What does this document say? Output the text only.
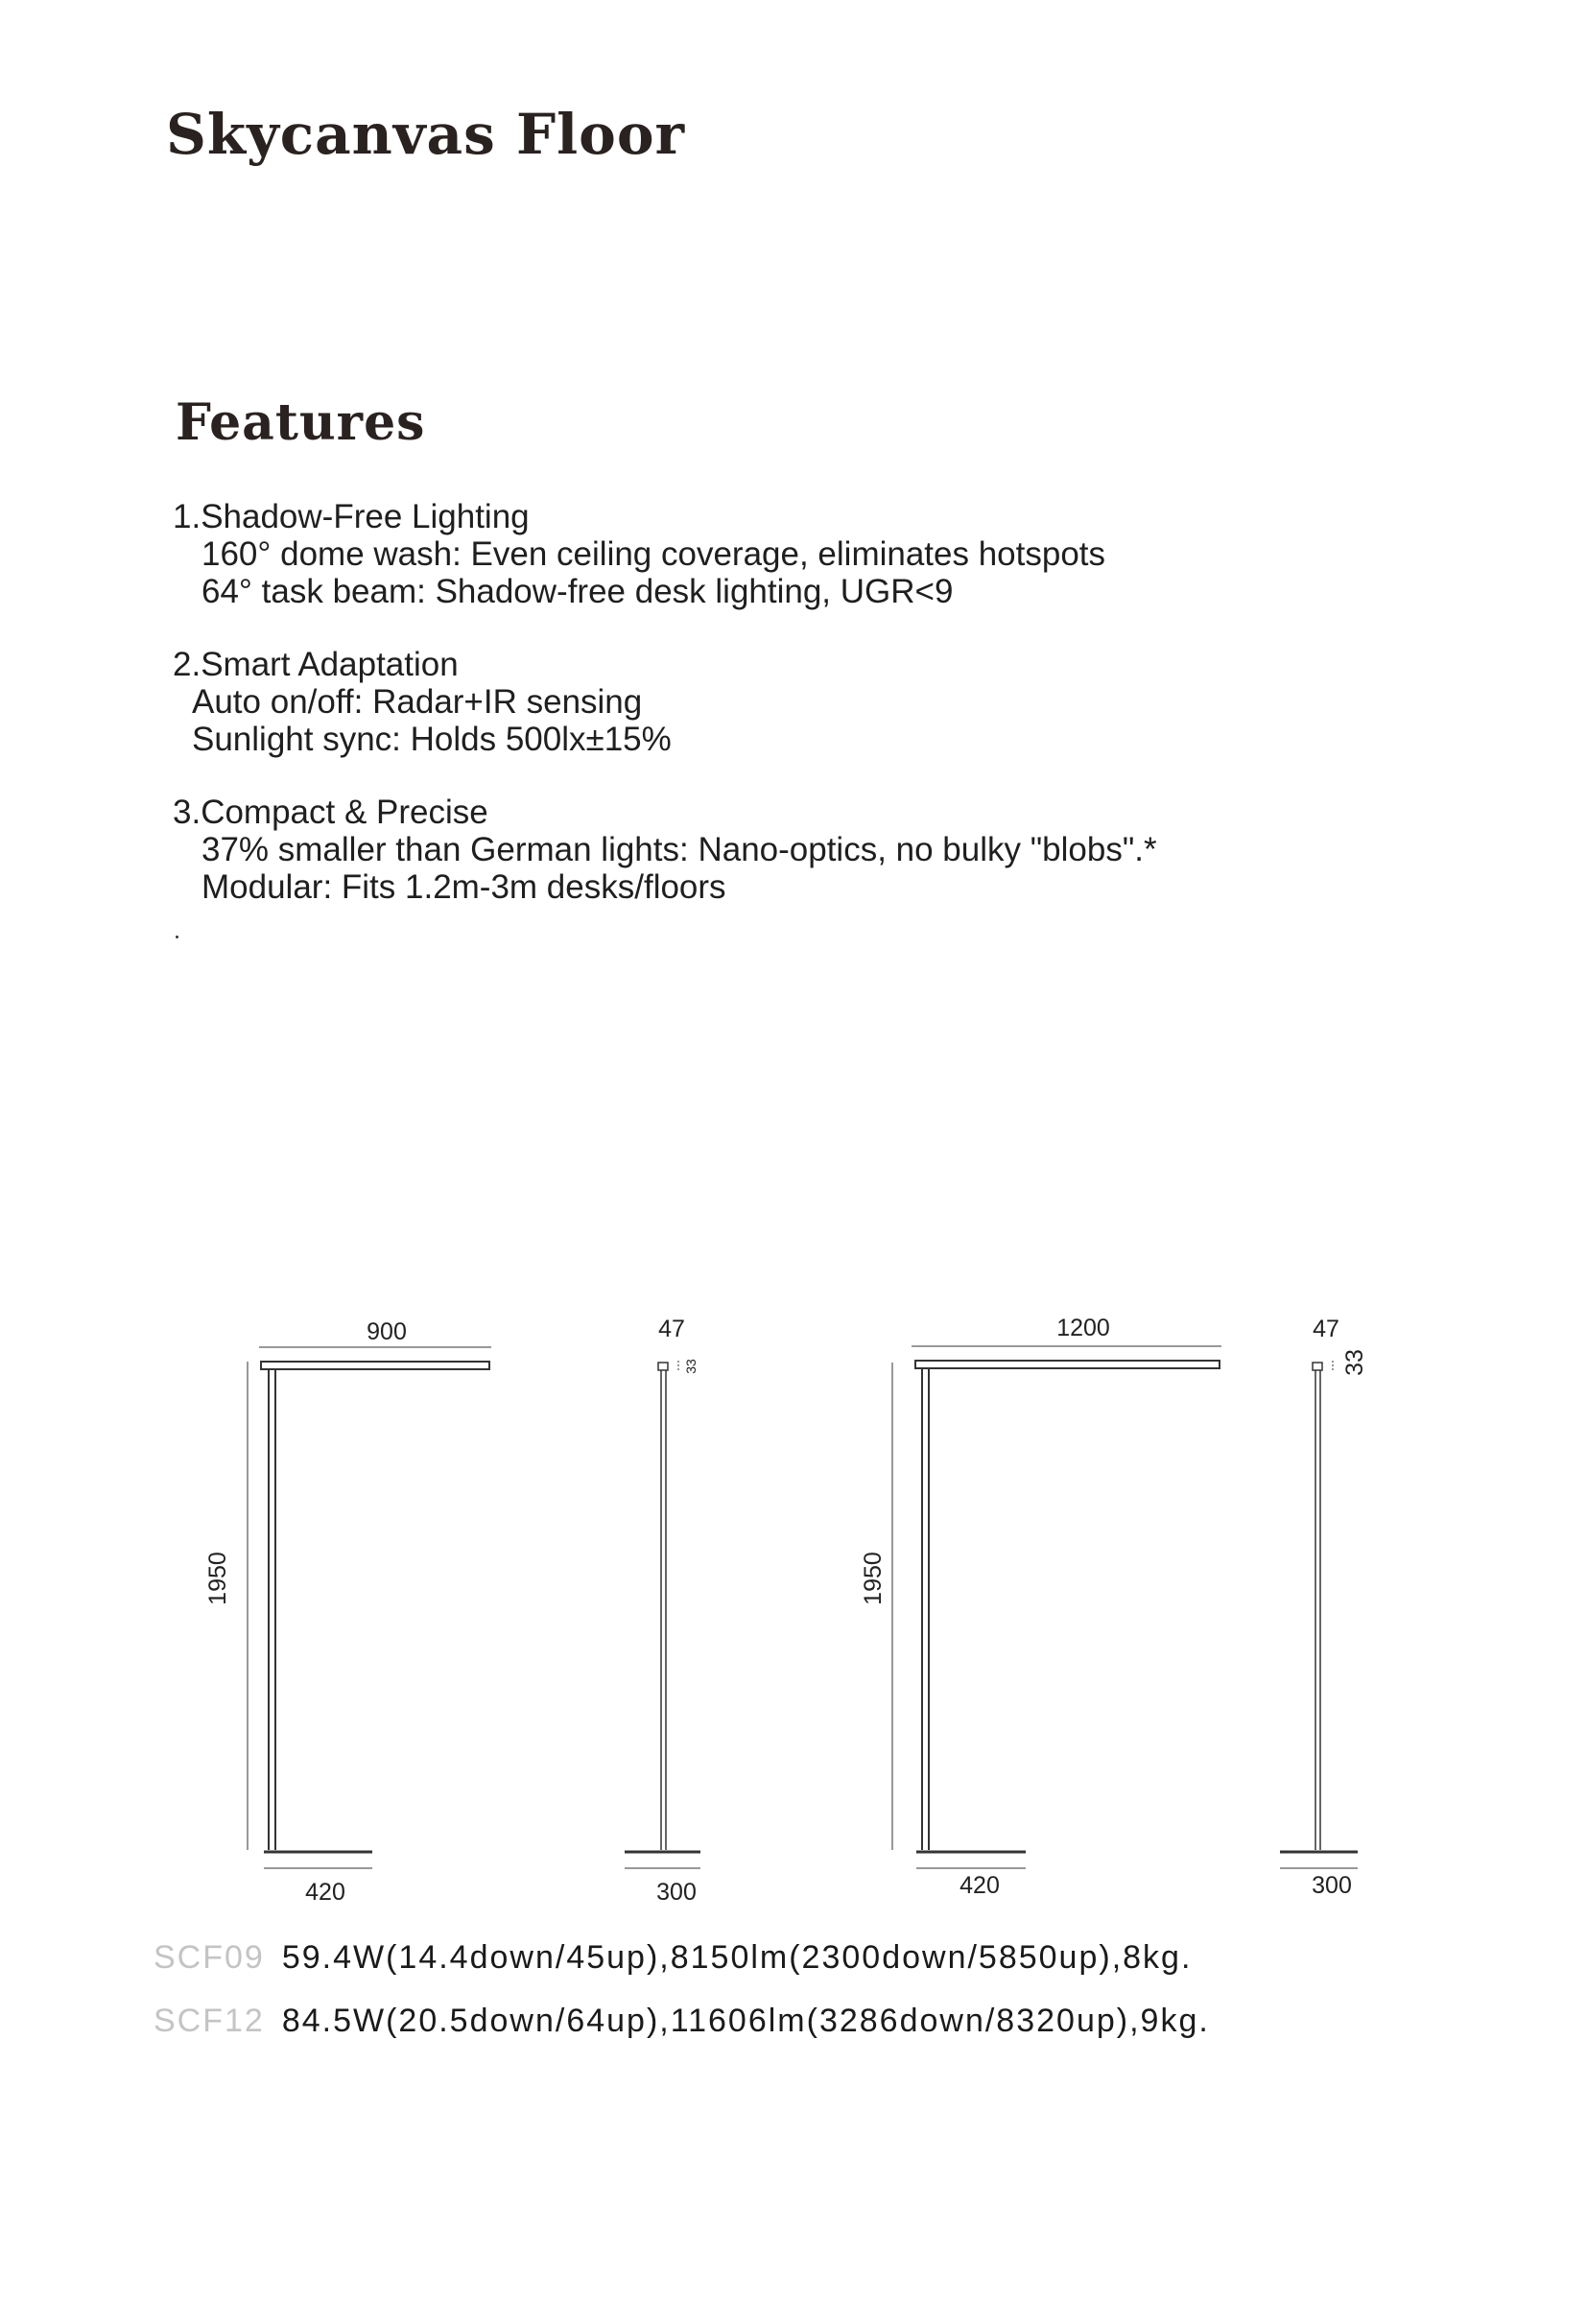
Skycanvas Floor
Features
1.Shadow-Free Lighting
160° dome wash: Even ceiling coverage, eliminates hotspots
64° task beam: Shadow-free desk lighting, UGR<9
2.Smart Adaptation
Auto on/off: Radar+IR sensing
Sunlight sync: Holds 500lx±15%
3.Compact & Precise
37% smaller than German lights: Nano-optics, no bulky "blobs".*
Modular: Fits 1.2m-3m desks/floors
900
1950
420
47
33
300
1200
1950
420
47
33
300
SCF09 59.4W(14.4down/45up),8150lm(2300down/5850up),8kg.
SCF12 84.5W(20.5down/64up),11606lm(3286down/8320up),9kg.
